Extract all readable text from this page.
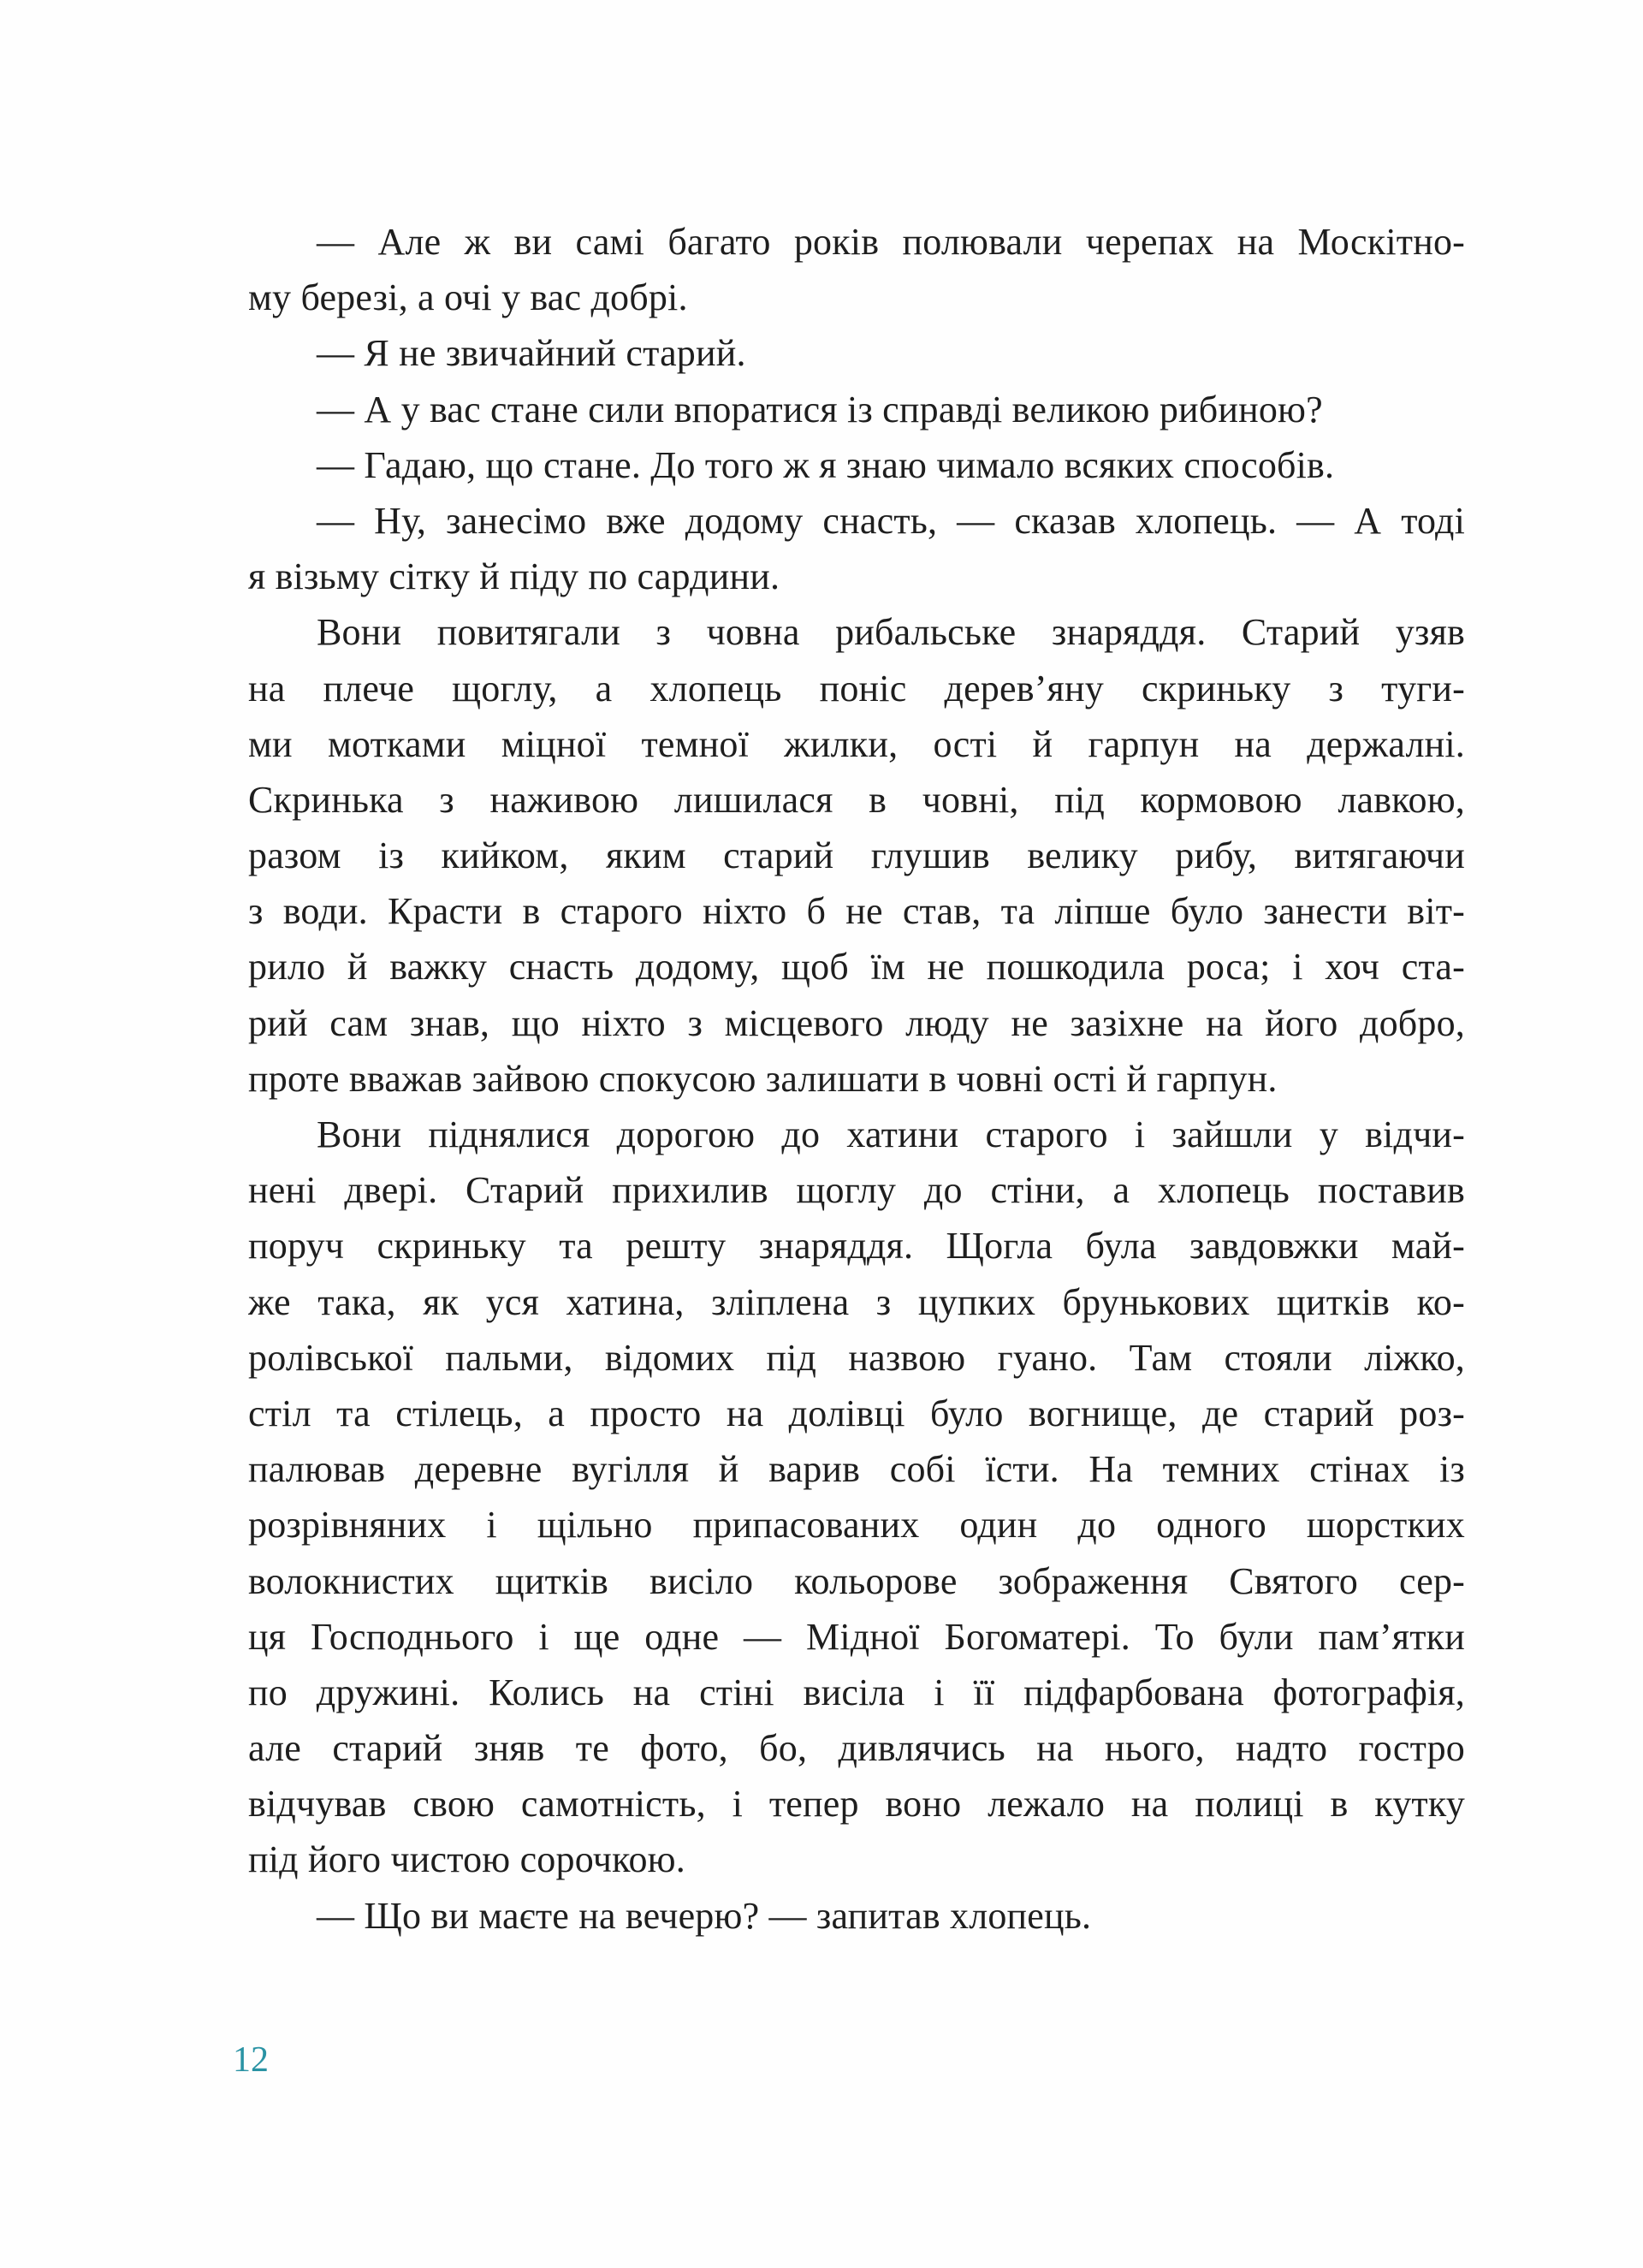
— Але ж ви самі багато років полювали черепах на Москітно-
му березі, а очі у вас добрі.
— Я не звичайний старий.
— А у вас стане сили впоратися із справді великою рибиною?
— Гадаю, що стане. До того ж я знаю чимало всяких способів.
— Ну, занесімо вже додому снасть, — сказав хлопець. — А тоді
я візьму сітку й піду по сардини.
Вони повитягали з човна рибальське знаряддя. Старий узяв
на плече щоглу, а хлопець поніс дерев’яну скриньку з туги-
ми мотками міцної темної жилки, ості й гарпун на держалні.
Скринька з наживою лишилася в човні, під кормовою лавкою,
разом із кийком, яким старий глушив велику рибу, витягаючи
з води. Красти в старого ніхто б не став, та ліпше було занести віт-
рило й важку снасть додому, щоб їм не пошкодила роса; і хоч ста-
рий сам знав, що ніхто з місцевого люду не зазіхне на його добро,
проте вважав зайвою спокусою залишати в човні ості й гарпун.
Вони піднялися дорогою до хатини старого і зайшли у відчи-
нені двері. Старий прихилив щоглу до стіни, а хлопець поставив
поруч скриньку та решту знаряддя. Щогла була завдовжки май-
же така, як уся хатина, зліплена з цупких брунькових щитків ко-
ролівської пальми, відомих під назвою гуано. Там стояли ліжко,
стіл та стілець, а просто на долівці було вогнище, де старий роз-
палював деревне вугілля й варив собі їсти. На темних стінах із
розрівняних і щільно припасованих один до одного шорстких
волокнистих щитків висіло кольорове зображення Святого сер-
ця Господнього і ще одне — Мідної Богоматері. То були пам’ятки
по дружині. Колись на стіні висіла і її підфарбована фотографія,
але старий зняв те фото, бо, дивлячись на нього, надто гостро
відчував свою самотність, і тепер воно лежало на полиці в кутку
під його чистою сорочкою.
— Що ви маєте на вечерю? — запитав хлопець.
12
